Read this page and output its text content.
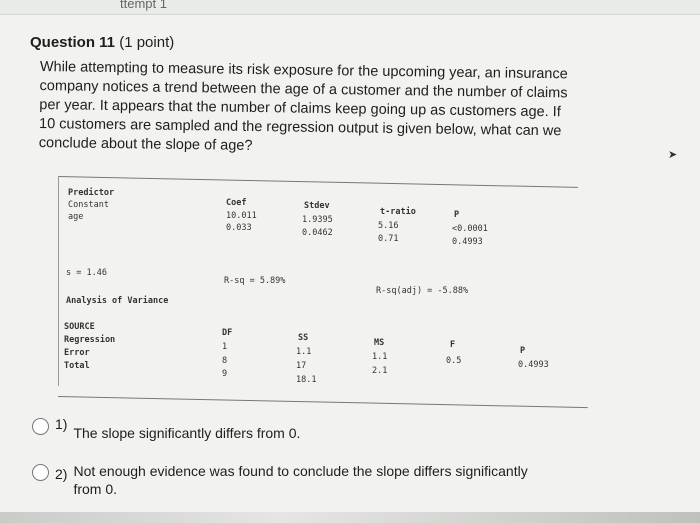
ttempt 1
Question 11 (1 point)
While attempting to measure its risk exposure for the upcoming year, an insurance company notices a trend between the age of a customer and the number of claims per year. It appears that the number of claims keep going up as customers age. If 10 customers are sampled and the regression output is given below, what can we conclude about the slope of age?
Predictor
Constant
age
Coef
10.011
0.033
Stdev
1.9395
0.0462
t-ratio
5.16
0.71
P
<0.0001
0.4993
s = 1.46
R-sq = 5.89%
R-sq(adj) = -5.88%
Analysis of Variance
SOURCE
Regression
Error
Total
DF
1
8
9
SS
1.1
17
18.1
MS
1.1
2.1
F
0.5
P
0.4993
1)
The slope significantly differs from 0.
2) Not enough evidence was found to conclude the slope differs significantly from 0.
➤
